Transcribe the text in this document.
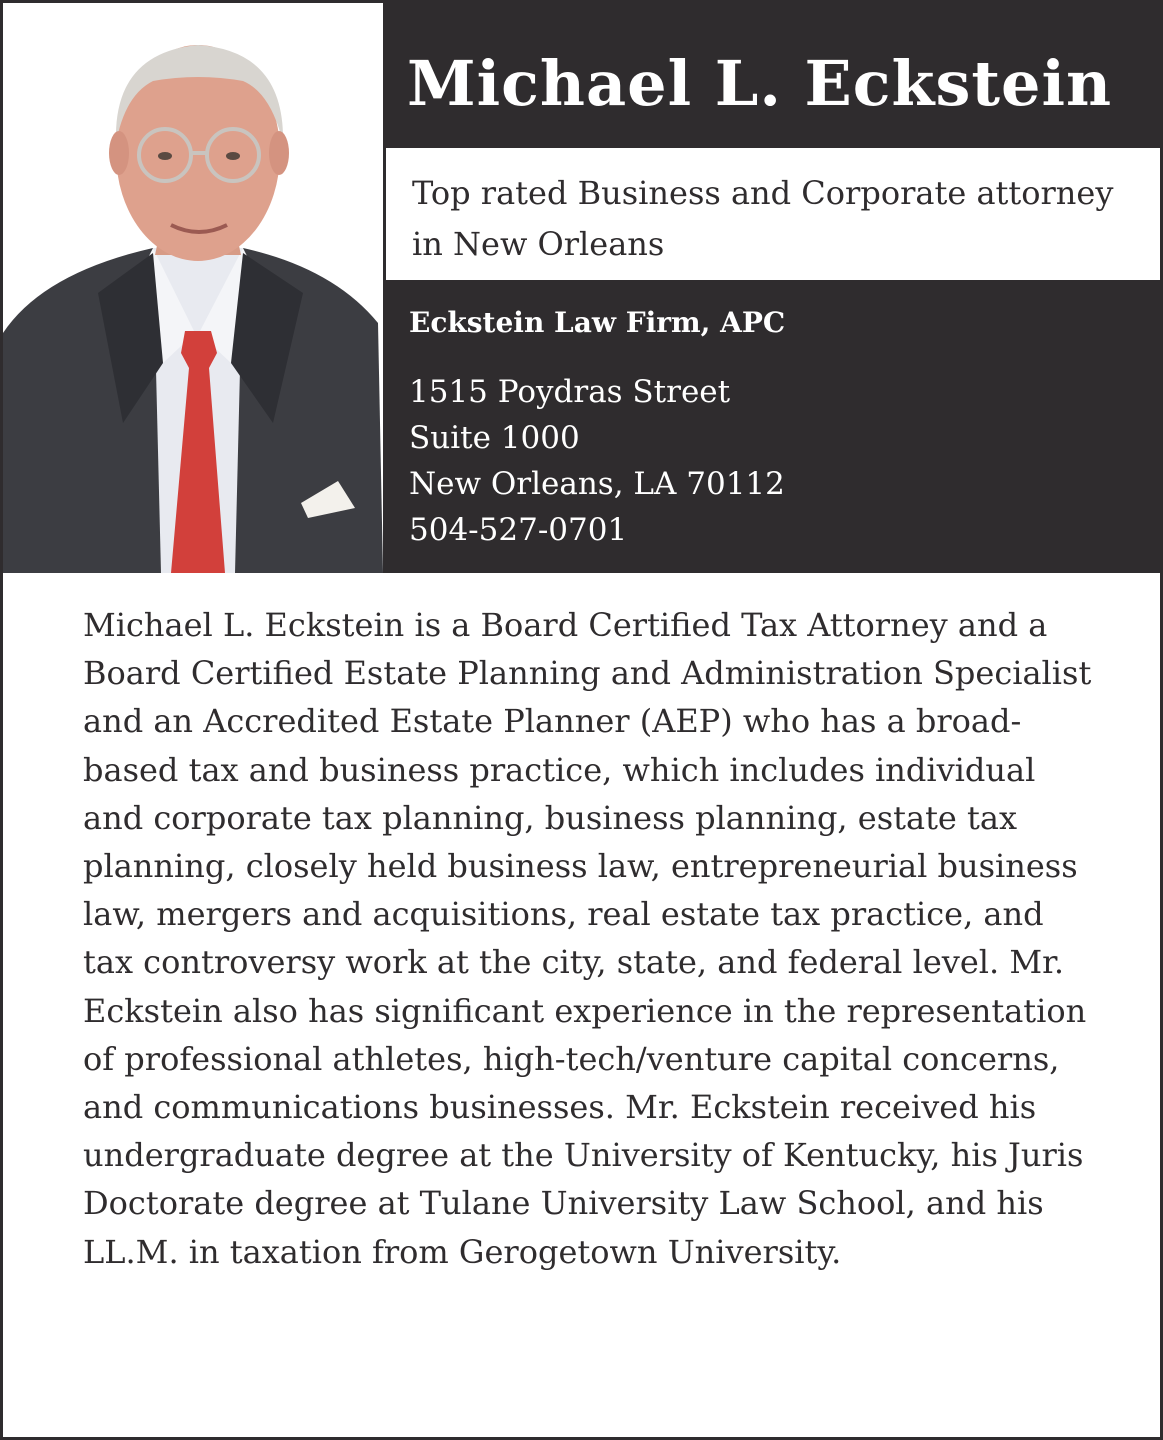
Michael L. Eckstein
Top rated Business and Corporate attorney in New Orleans
Eckstein Law Firm, APC
1515 Poydras Street
Suite 1000
New Orleans, LA 70112
504-527-0701

Michael L. Eckstein is a Board Certified Tax Attorney and a Board Certified Estate Planning and Administration Specialist and an Accredited Estate Planner (AEP) who has a broad-based tax and business practice, which includes individual and corporate tax planning, business planning, estate tax planning, closely held business law, entrepreneurial business law, mergers and acquisitions, real estate tax practice, and tax controversy work at the city, state, and federal level. Mr. Eckstein also has significant experience in the representation of professional athletes, high-tech/venture capital concerns, and communications businesses. Mr. Eckstein received his undergraduate degree at the University of Kentucky, his Juris Doctorate degree at Tulane University Law School, and his LL.M. in taxation from Gerogetown University.
